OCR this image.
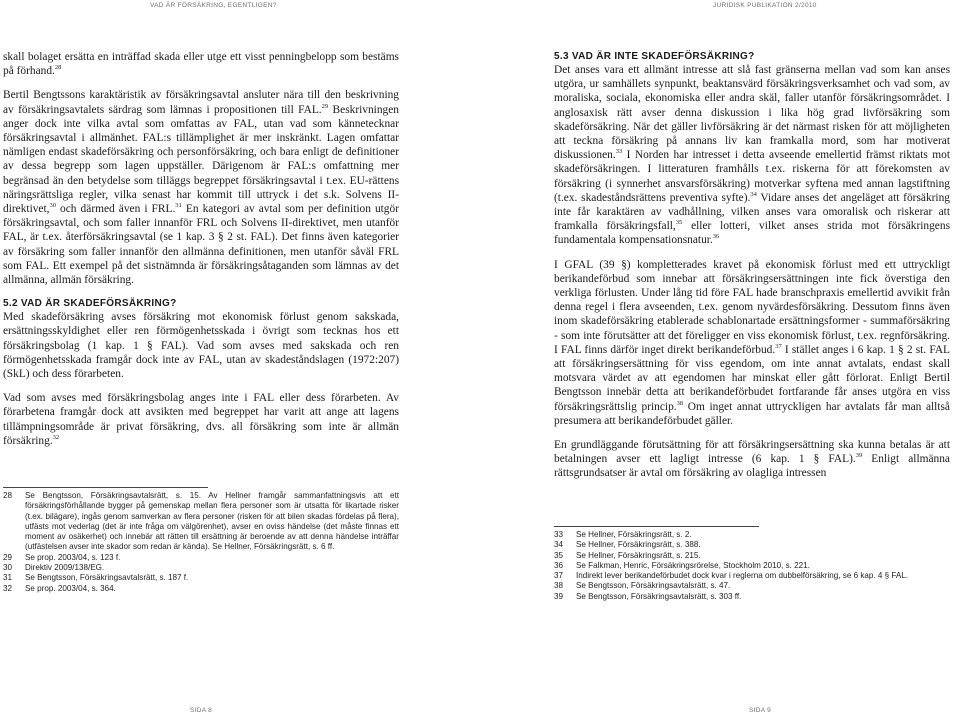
VAD ÄR FÖRSÄKRING, EGENTLIGEN?	JURIDISK PUBLIKATION 2/2010

skall bolaget ersätta en inträffad skada eller utge ett visst penningbelopp som bestäms på förhand.$^{28}$

Bertil Bengtssons karaktäristik av försäkringsavtal ansluter nära till den beskrivning av försäkringsavtalets särdrag som lämnas i propositionen till FAL.$^{29}$ Beskrivningen anger dock inte vilka avtal som omfattas av FAL, utan vad som kännetecknar försäkringsavtal i allmänhet. FAL:s tillämplighet är mer inskränkt. Lagen omfattar nämligen endast skadeförsäkring och personförsäkring, och bara enligt de definitioner av dessa begrepp som lagen uppställer. Därigenom är FAL:s omfattning mer begränsad än den betydelse som tilläggs begreppet försäkringsavtal i t.ex. EU-rättens näringsrättsliga regler, vilka senast har kommit till uttryck i det s.k. Solvens II-direktivet,$^{30}$ och därmed även i FRL.$^{31}$ En kategori av avtal som per definition utgör försäkringsavtal, och som faller innanför FRL och Solvens II-direktivet, men utanför FAL, är t.ex. återförsäkringsavtal (se 1 kap. 3 § 2 st. FAL). Det finns även kategorier av försäkring som faller innanför den allmänna definitionen, men utanför såväl FRL som FAL. Ett exempel på det sistnämnda är försäkringsåtaganden som lämnas av det allmänna, allmän försäkring.

5.2 VAD ÄR SKADEFÖRSÄKRING?

Med skadeförsäkring avses försäkring mot ekonomisk förlust genom sakskada, ersättningsskyldighet eller ren förmögenhetsskada i övrigt som tecknas hos ett försäkringsbolag (1 kap. 1 § FAL). Vad som avses med sakskada och ren förmögenhetsskada framgår dock inte av FAL, utan av skadeståndslagen (1972:207) (SkL) och dess förarbeten.

Vad som avses med försäkringsbolag anges inte i FAL eller dess förarbeten. Av förarbetena framgår dock att avsikten med begreppet har varit att ange att lagens tillämpningsområde är privat försäkring, dvs. all försäkring som inte är allmän försäkring.$^{32}$

28	Se Bengtsson, Försäkringsavtalsrätt, s. 15. Av Hellner framgår sammanfattningsvis att ett försäkringsförhållande bygger på gemenskap mellan flera personer som är utsatta för likartade risker (t.ex. bilägare), ingås genom samverkan av flera personer (risken för att bilen skadas fördelas på flera), utfästs mot vederlag (det är inte fråga om välgörenhet), avser en oviss händelse (det måste finnas ett moment av osäkerhet) och innebär att rätten till ersättning är beroende av att denna händelse inträffar (utfästelsen avser inte skador som redan är kända). Se Hellner, Försäkringsrätt, s. 6 ff.
29	Se prop. 2003/04, s. 123 f.
30	Direktiv 2009/138/EG.
31	Se Bengtsson, Försäkringsavtalsrätt, s. 187 f.
32	Se prop. 2003/04, s. 364.
5.3 VAD ÄR INTE SKADEFÖRSÄKRING?

Det anses vara ett allmänt intresse att slå fast gränserna mellan vad som kan anses utgöra, ur samhällets synpunkt, beaktansvärd försäkringsverksamhet och vad som, av moraliska, sociala, ekonomiska eller andra skäl, faller utanför försäkringsområdet. I anglosaxisk rätt avser denna diskussion i lika hög grad livförsäkring som skadeförsäkring. När det gäller livförsäkring är det närmast risken för att möjligheten att teckna försäkring på annans liv kan framkalla mord, som har motiverat diskussionen.$^{33}$ I Norden har intresset i detta avseende emellertid främst riktats mot skadeförsäkringen. I litteraturen framhålls t.ex. riskerna för att förekomsten av försäkring (i synnerhet ansvarsförsäkring) motverkar syftena med annan lagstiftning (t.ex. skadeståndsrättens preventiva syfte).$^{34}$ Vidare anses det angeläget att försäkring inte får karaktären av vadhållning, vilken anses vara omoralisk och riskerar att framkalla försäkringsfall,$^{35}$ eller lotteri, vilket anses strida mot försäkringens fundamentala kompensationsnatur.$^{36}$

I GFAL (39 §) kompletterades kravet på ekonomisk förlust med ett uttryckligt berikandeförbud som innebar att försäkringsersättningen inte fick överstiga den verkliga förlusten. Under lång tid före FAL hade branschpraxis emellertid avvikit från denna regel i flera avseenden, t.ex. genom nyvärdesförsäkring. Dessutom finns även inom skadeförsäkring etablerade schablonartade ersättningsformer - summaförsäkring - som inte förutsätter att det föreligger en viss ekonomisk förlust, t.ex. regnförsäkring. I FAL finns därför inget direkt berikandeförbud.$^{37}$ I stället anges i 6 kap. 1 § 2 st. FAL att försäkringsersättning för viss egendom, om inte annat avtalats, endast skall motsvara värdet av att egendomen har minskat eller gått förlorat. Enligt Bertil Bengtsson innebär detta att berikandeförbudet fortfarande får anses utgöra en viss försäkringsrättslig princip.$^{38}$ Om inget annat uttryckligen har avtalats får man alltså presumera att berikandeförbudet gäller.

En grundläggande förutsättning för att försäkringsersättning ska kunna betalas är att betalningen avser ett lagligt intresse (6 kap. 1 § FAL).$^{39}$ Enligt allmänna rättsgrundsatser är avtal om försäkring av olagliga intressen

33	Se Hellner, Försäkringsrätt, s. 2.
34	Se Hellner, Försäkringsrätt, s. 388.
35	Se Hellner, Försäkringsrätt, s. 215.
36	Se Falkman, Henric, Försäkringsrörelse, Stockholm 2010, s. 221.
37	Indirekt lever berikandeförbudet dock kvar i reglerna om dubbelförsäkring, se 6 kap. 4 § FAL.
38	Se Bengtsson, Försäkringsavtalsrätt, s. 47.
39	Se Bengtsson, Försäkringsavtalsrätt, s. 303 ff.
SIDA 8	SIDA 9
